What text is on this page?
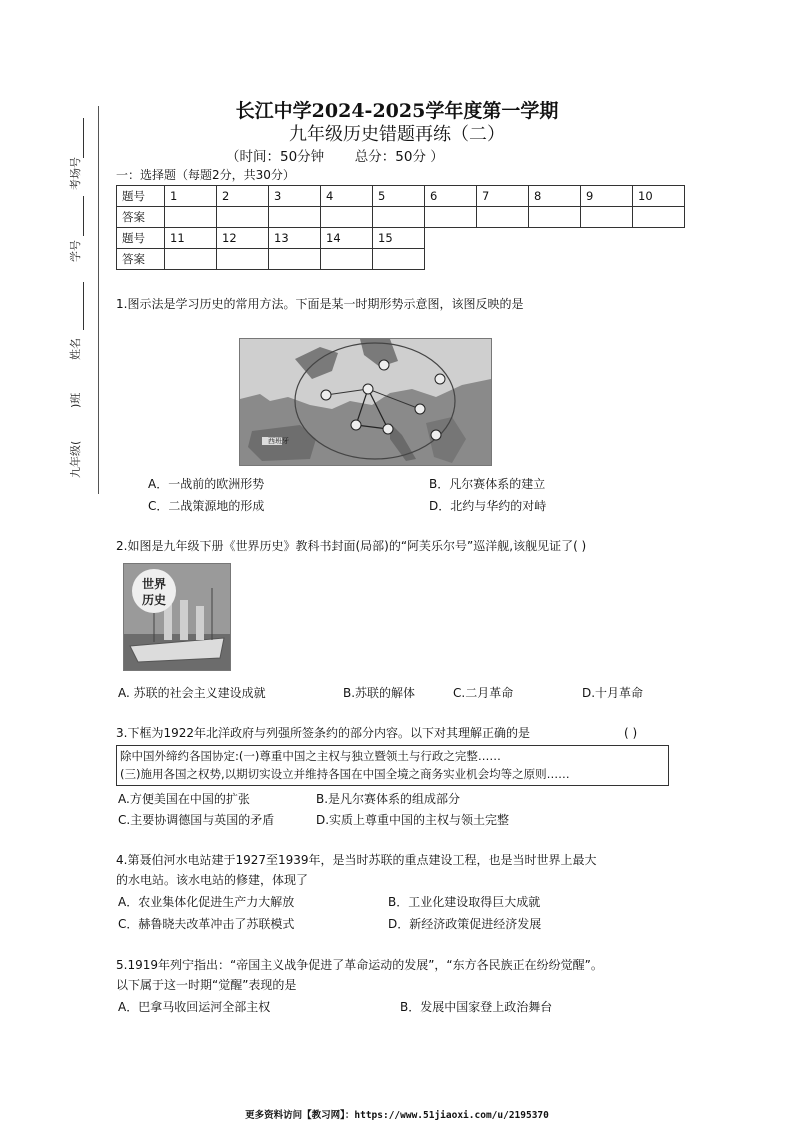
考场号
学号
姓名
)班
九年级(
长江中学2024-2025学年度第一学期
九年级历史错题再练（二）
（时间：50分钟 总分：50分 ）
一：选择题（每题2分，共30分）
题号	1	2	3	4	5	6	7	8	9	10
答案										
题号	11	12	13	14	15					
答案										
1.图示法是学习历史的常用方法。下面是某一时期形势示意图，该图反映的是
西班牙
A．一战前的欧洲形势	B．凡尔赛体系的建立
C．二战策源地的形成	D．北约与华约的对峙
2.如图是九年级下册《世界历史》教科书封面(局部)的“阿芙乐尔号”巡洋舰,该舰见证了( )
世界
历史
A. 苏联的社会主义建设成就	B.苏联的解体	C.二月革命	D.十月革命
3.下框为1922年北洋政府与列强所签条约的部分内容。以下对其理解正确的是	( )
除中国外缔约各国协定:(一)尊重中国之主权与独立暨领土与行政之完整……
(三)施用各国之权势,以期切实设立并维持各国在中国全境之商务实业机会均等之原则……
A.方便美国在中国的扩张	B.是凡尔赛体系的组成部分
C.主要协调德国与英国的矛盾	D.实质上尊重中国的主权与领土完整
4.第聂伯河水电站建于1927至1939年，是当时苏联的重点建设工程，也是当时世界上最大
的水电站。该水电站的修建，体现了
A．农业集体化促进生产力大解放	B．工业化建设取得巨大成就
C．赫鲁晓夫改革冲击了苏联模式	D．新经济政策促进经济发展
5.1919年列宁指出：“帝国主义战争促进了革命运动的发展”，“东方各民族正在纷纷觉醒”。
以下属于这一时期“觉醒”表现的是
A．巴拿马收回运河全部主权	B．发展中国家登上政治舞台
更多资料访问【教习网】：https://www.51jiaoxi.com/u/2195370
